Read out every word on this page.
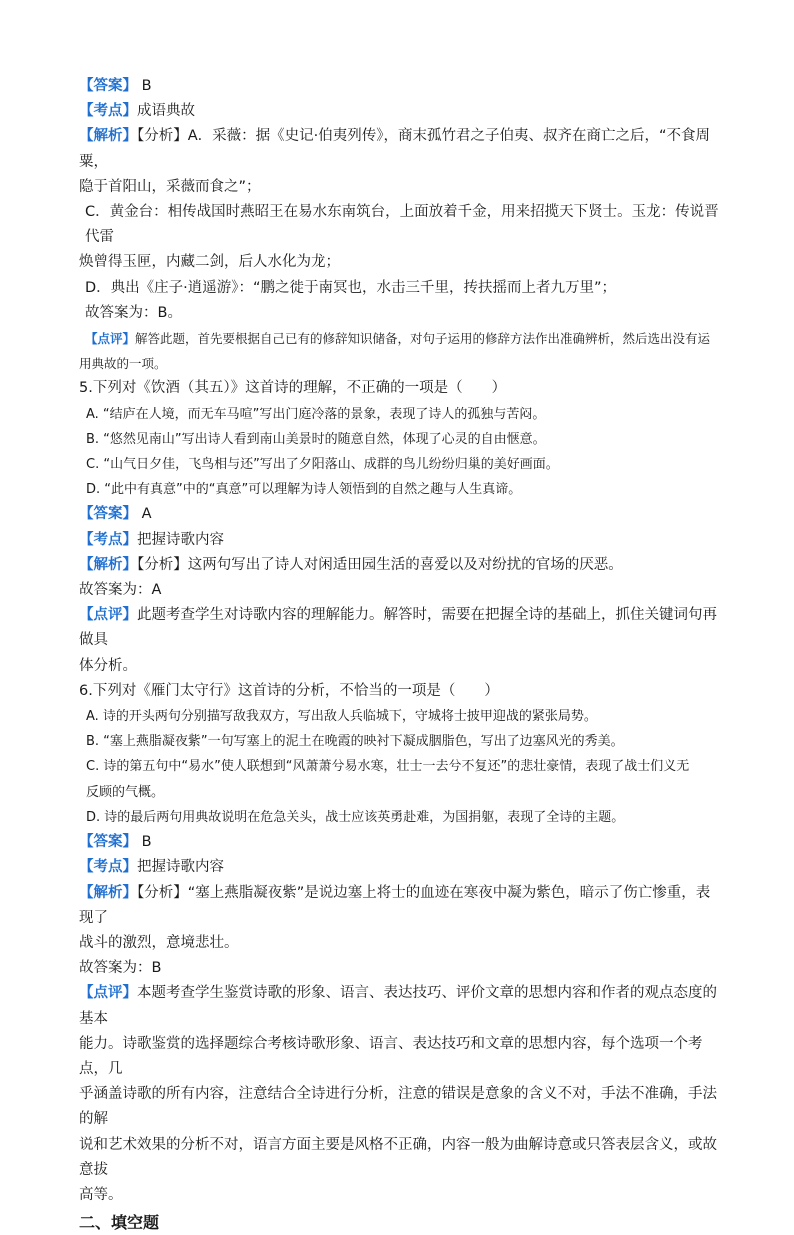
【答案】 B

【考点】成语典故

【解析】【分析】A．采薇：据《史记·伯夷列传》，商末孤竹君之子伯夷、叔齐在商亡之后，“不食周粟，

隐于首阳山，采薇而食之”；

C．黄金台：相传战国时燕昭王在易水东南筑台，上面放着千金，用来招揽天下贤士。玉龙：传说晋代雷

焕曾得玉匣，内藏二剑，后人水化为龙；

D．典出《庄子·逍遥游》：“鹏之徙于南冥也，水击三千里，抟扶摇而上者九万里”；

故答案为：B。

【点评】解答此题，首先要根据自己已有的修辞知识储备，对句子运用的修辞方法作出准确辨析，然后选出没有运

用典故的一项。

5.下列对《饮酒（其五）》这首诗的理解，不正确的一项是（　　）

A. “结庐在人境，而无车马喧”写出门庭冷落的景象，表现了诗人的孤独与苦闷。

B. “悠然见南山”写出诗人看到南山美景时的随意自然，体现了心灵的自由惬意。

C. “山气日夕佳，飞鸟相与还”写出了夕阳落山、成群的鸟儿纷纷归巢的美好画面。

D. “此中有真意”中的“真意”可以理解为诗人领悟到的自然之趣与人生真谛。

【答案】 A

【考点】把握诗歌内容

【解析】【分析】这两句写出了诗人对闲适田园生活的喜爱以及对纷扰的官场的厌恶。

故答案为：A

【点评】此题考查学生对诗歌内容的理解能力。解答时，需要在把握全诗的基础上，抓住关键词句再做具

体分析。

6.下列对《雁门太守行》这首诗的分析，不恰当的一项是（　　）

A. 诗的开头两句分别描写敌我双方，写出敌人兵临城下，守城将士披甲迎战的紧张局势。

B. “塞上燕脂凝夜紫”一句写塞上的泥土在晚霞的映衬下凝成胭脂色，写出了边塞风光的秀美。

C. 诗的第五句中“易水”使人联想到“风萧萧兮易水寒，壮士一去兮不复还”的悲壮豪情，表现了战士们义无

反顾的气概。

D. 诗的最后两句用典故说明在危急关头，战士应该英勇赴难，为国捐躯，表现了全诗的主题。

【答案】 B

【考点】把握诗歌内容

【解析】【分析】“塞上燕脂凝夜紫”是说边塞上将士的血迹在寒夜中凝为紫色，暗示了伤亡惨重，表现了

战斗的激烈，意境悲壮。

故答案为：B

【点评】本题考查学生鉴赏诗歌的形象、语言、表达技巧、评价文章的思想内容和作者的观点态度的基本

能力。诗歌鉴赏的选择题综合考核诗歌形象、语言、表达技巧和文章的思想内容，每个选项一个考点，几

乎涵盖诗歌的所有内容，注意结合全诗进行分析，注意的错误是意象的含义不对，手法不准确，手法的解

说和艺术效果的分析不对，语言方面主要是风格不正确，内容一般为曲解诗意或只答表层含义，或故意拔

高等。

二、填空题
